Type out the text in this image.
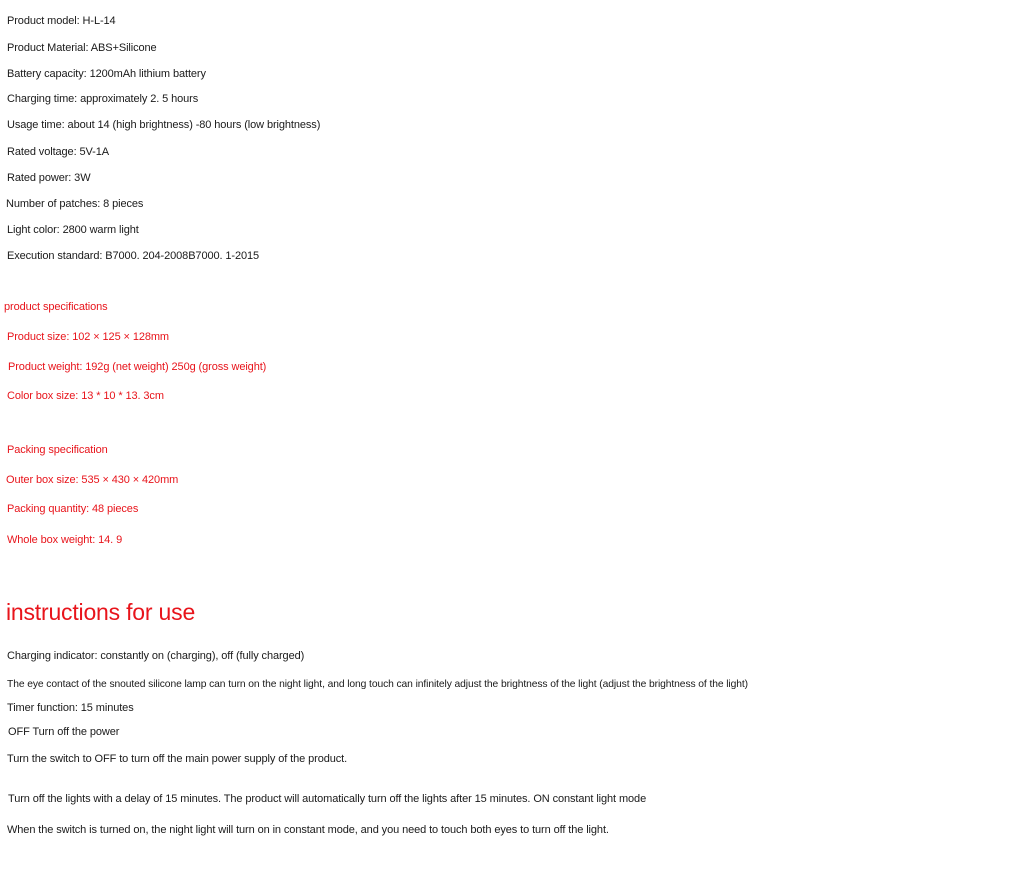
Product model: H-L-14
Product Material: ABS+Silicone
Battery capacity: 1200mAh lithium battery
Charging time: approximately 2. 5 hours
Usage time: about 14 (high brightness) -80 hours (low brightness)
Rated voltage: 5V-1A
Rated power: 3W
Number of patches: 8 pieces
Light color: 2800 warm light
Execution standard: B7000. 204-2008B7000. 1-2015
product specifications
Product size: 102 × 125 × 128mm
Product weight: 192g (net weight) 250g (gross weight)
Color box size: 13 * 10 * 13. 3cm
Packing specification
Outer box size: 535 × 430 × 420mm
Packing quantity: 48 pieces
Whole box weight: 14. 9
instructions for use
Charging indicator: constantly on (charging), off (fully charged)
The eye contact of the snouted silicone lamp can turn on the night light, and long touch can infinitely adjust the brightness of the light (adjust the brightness of the light)
Timer function: 15 minutes
OFF Turn off the power
Turn the switch to OFF to turn off the main power supply of the product.
Turn off the lights with a delay of 15 minutes. The product will automatically turn off the lights after 15 minutes. ON constant light mode
When the switch is turned on, the night light will turn on in constant mode, and you need to touch both eyes to turn off the light.
